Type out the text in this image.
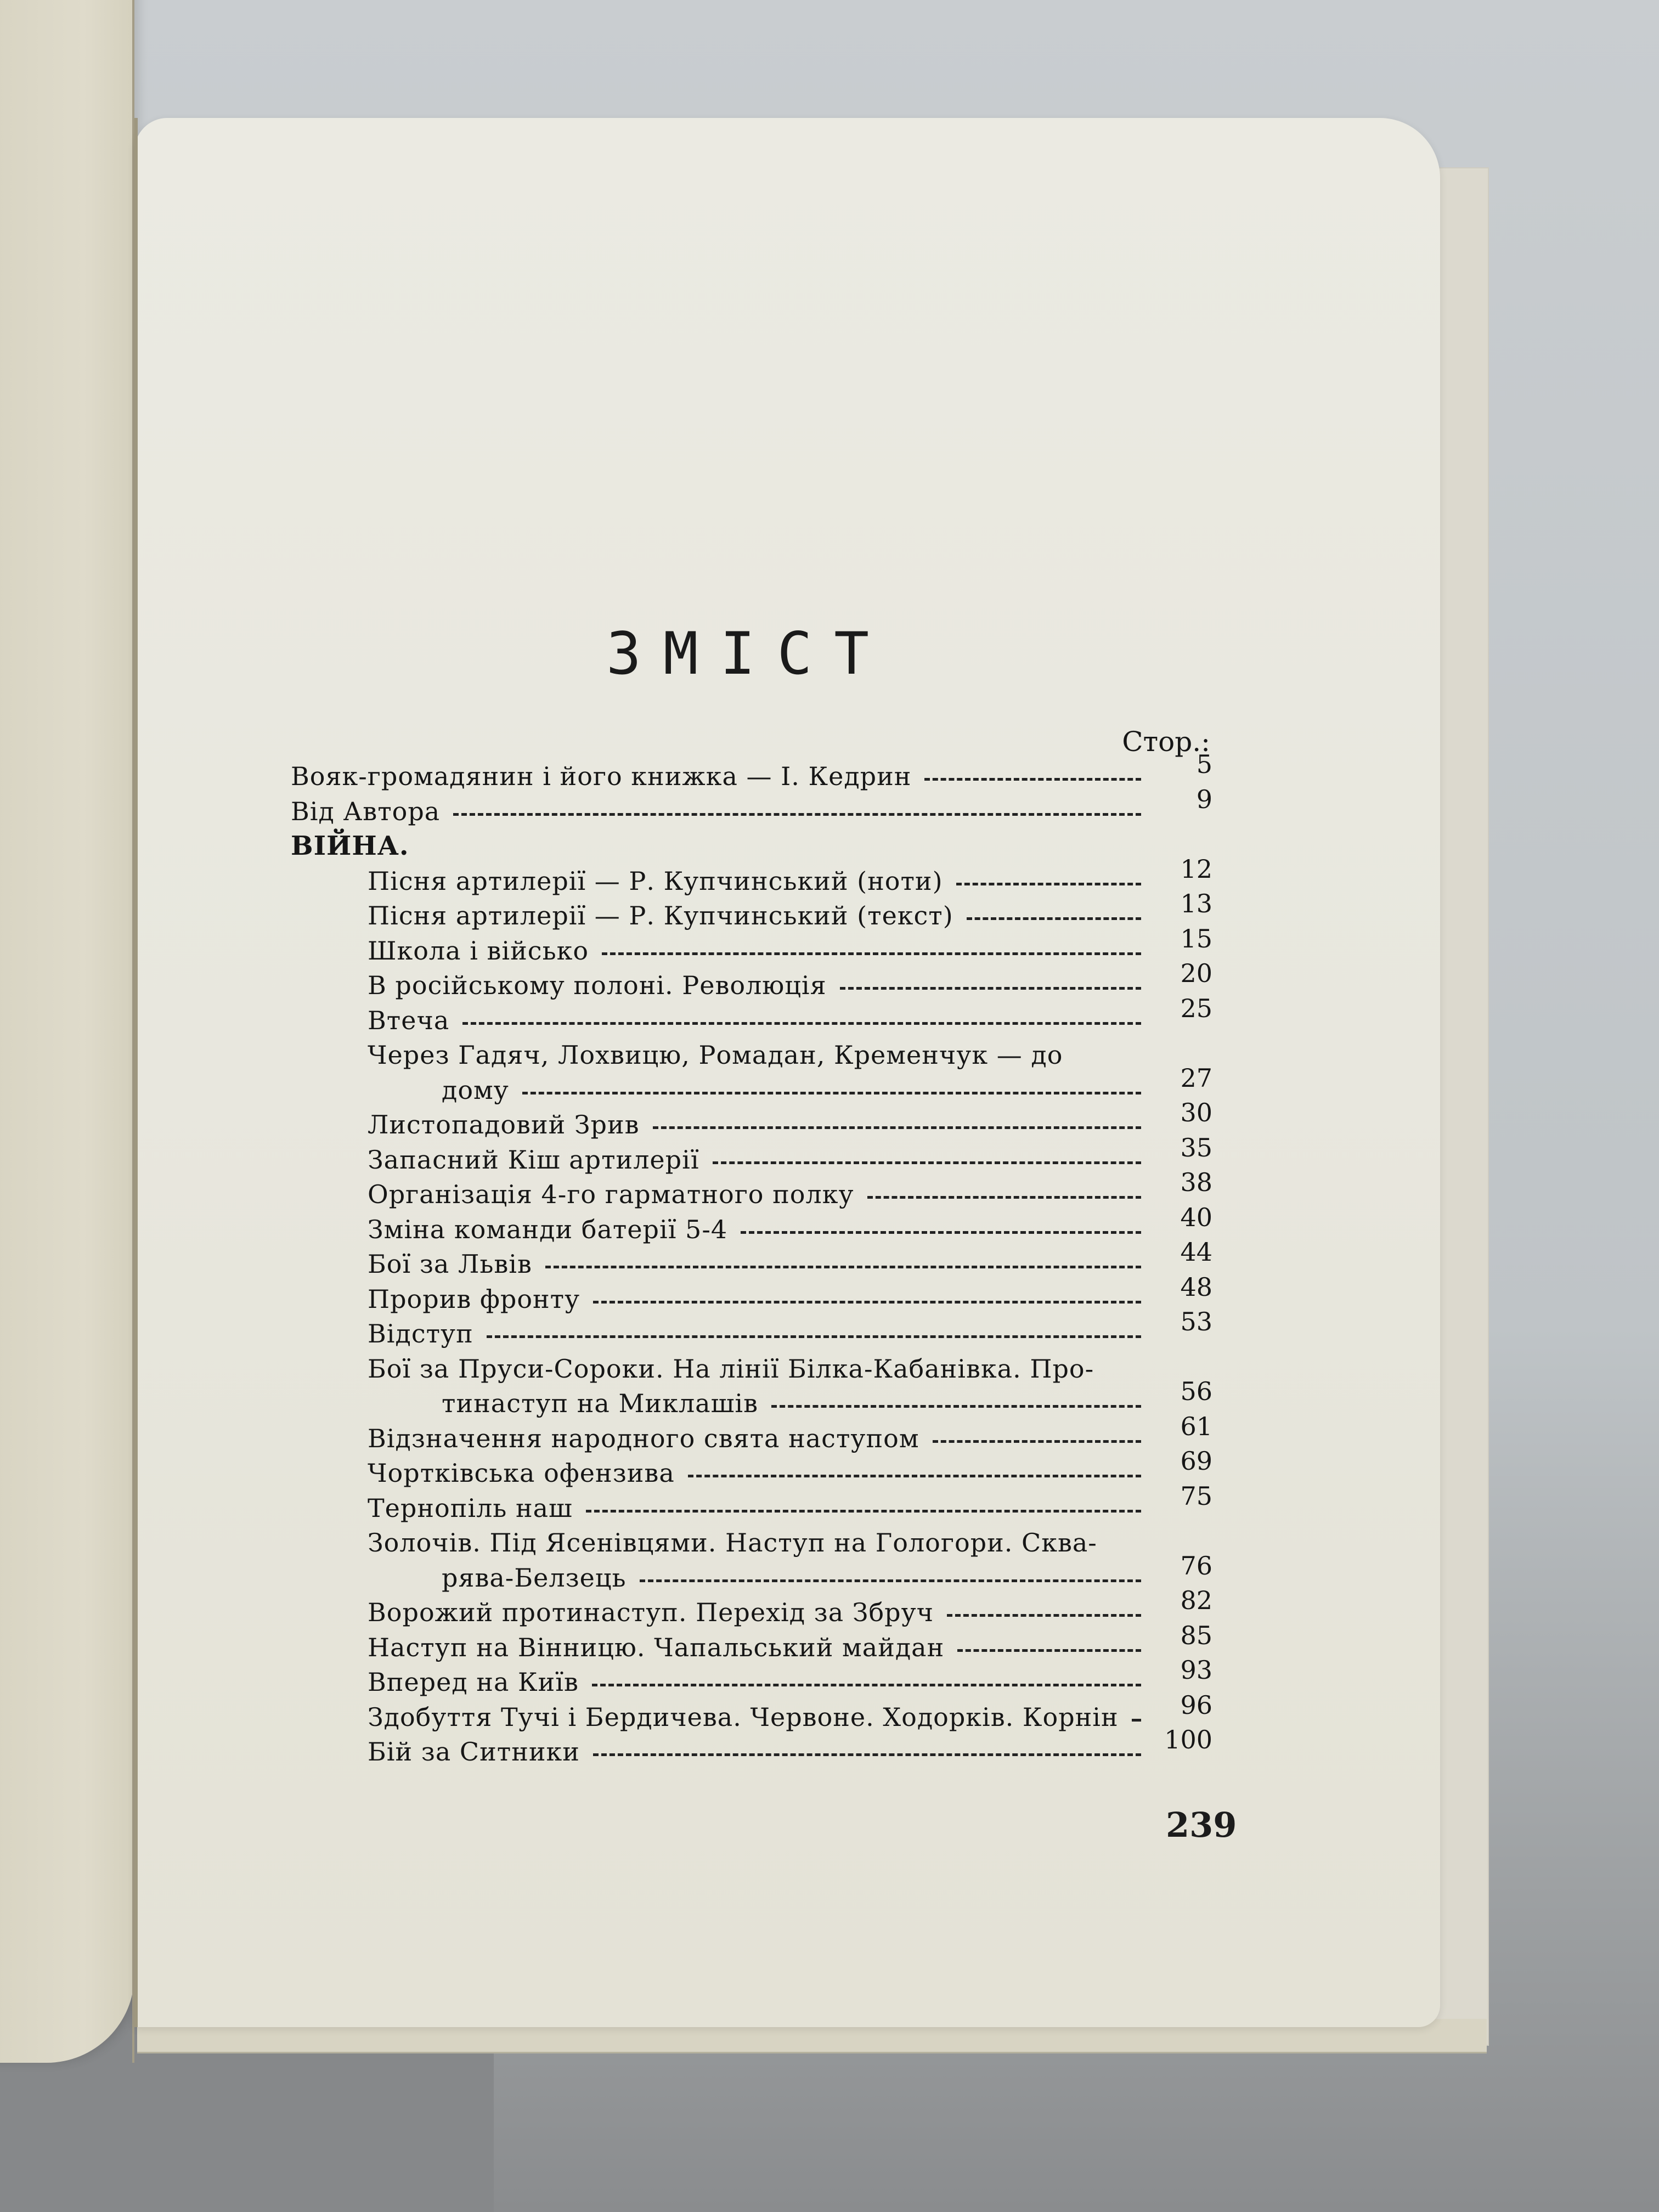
ЗМІСТ
Стор.:
Вояк-громадянин і його книжка — І. Кедрин	5
Від Автора	9
ВІЙНА.
Пісня артилерії — Р. Купчинський (ноти)	12
Пісня артилерії — Р. Купчинський (текст)	13
Школа і військо	15
В російському полоні. Революція	20
Втеча	25
Через Гадяч, Лохвицю, Ромадан, Кременчук — до
дому	27
Листопадовий Зрив	30
Запасний Кіш артилерії	35
Організація 4-го гарматного полку	38
Зміна команди батерії 5-4	40
Бої за Львів	44
Прорив фронту	48
Відступ	53
Бої за Пруси-Сороки. На лінії Білка-Кабанівка. Про-
тинаступ на Миклашів	56
Відзначення народного свята наступом	61
Чортківська офензива	69
Тернопіль наш	75
Золочів. Під Ясенівцями. Наступ на Гологори. Сква-
рява-Белзець	76
Ворожий протинаступ. Перехід за Збруч	82
Наступ на Вінницю. Чапальський майдан	85
Вперед на Київ	93
Здобуття Тучі і Бердичева. Червоне. Ходорків. Корнін	96
Бій за Ситники	100
239
